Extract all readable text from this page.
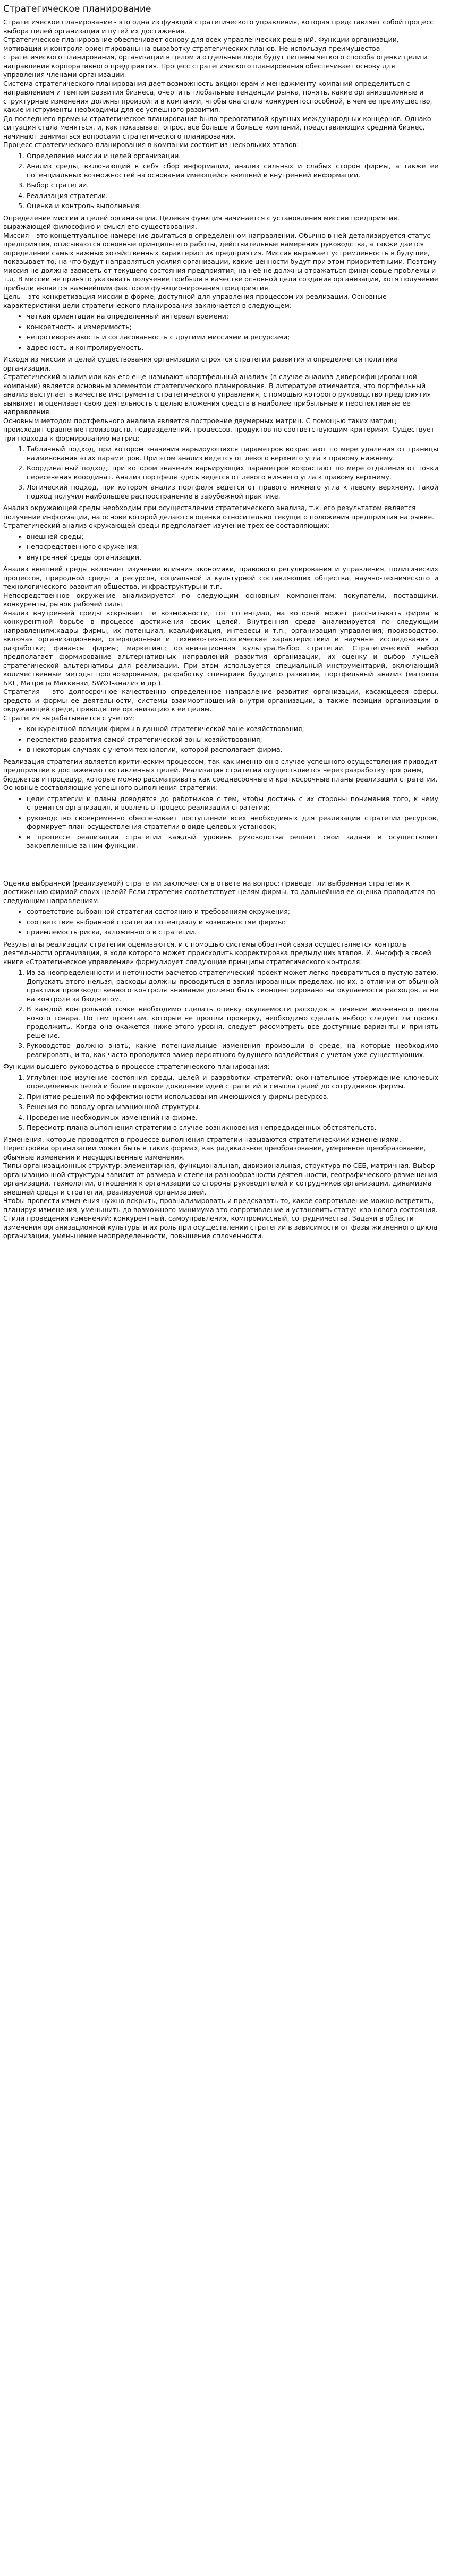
Стратегическое планирование

Стратегическое планирование - это одна из функций стратегического управления, которая представляет собой процесс выбора целей организации и путей их достижения.
Стратегическое планирование обеспечивает основу для всех управленческих решений. Функции организации, мотивации и контроля ориентированы на выработку стратегических планов. Не используя преимущества стратегического планирования, организации в целом и отдельные люди будут лишены четкого способа оценки цели и направления корпоративного предприятия. Процесс стратегического планирования обеспечивает основу для управления членами организации.
Система стратегического планирования дает возможность акционерам и менеджменту компаний определиться с направлением и темпом развития бизнеса, очертить глобальные тенденции рынка, понять, какие организационные и структурные изменения должны произойти в компании, чтобы она стала конкурентоспособной, в чем ее преимущество, какие инструменты необходимы для ее успешного развития.
До последнего времени стратегическое планирование было прерогативой крупных международных концернов. Однако ситуация стала меняться, и, как показывает опрос, все больше и больше компаний, представляющих средний бизнес, начинают заниматься вопросами стратегического планирования.
Процесс стратегического планирования в компании состоит из нескольких этапов:

1. Определение миссии и целей организации.
2. Анализ среды, включающий в себя сбор информации, анализ сильных и слабых сторон фирмы, а также ее потенциальных возможностей на основании имеющейся внешней и внутренней информации.
3. Выбор стратегии.
4. Реализация стратегии.
5. Оценка и контроль выполнения.

Определение миссии и целей организации. Целевая функция начинается с установления миссии предприятия, выражающей философию и смысл его существования.
Миссия – это концептуальное намерение двигаться в определенном направлении. Обычно в ней детализируется статус предприятия, описываются основные принципы его работы, действительные намерения руководства, а также дается определение самых важных хозяйственных характеристик предприятия. Миссия выражает устремленность в будущее, показывает то, на что будут направляться усилия организации, какие ценности будут при этом приоритетными. Поэтому миссия не должна зависеть от текущего состояния предприятия, на неё не должны отражаться финансовые проблемы и т.д. В миссии не принято указывать получение прибыли в качестве основной цели создания организации, хотя получение прибыли является важнейшим фактором функционирования предприятия.
Цель – это конкретизация миссии в форме, доступной для управления процессом их реализации. Основные характеристики цели стратегического планирования заключается в следующем:

• четкая ориентация на определенный интервал времени;
• конкретность и измеримость;
• непротиворечивость и согласованность с другими миссиями и ресурсами;
• адресность и контролируемость.

Исходя из миссии и целей существования организации строятся стратегии развития и определяется политика организации.
Стратегический анализ или как его еще называют «портфельный анализ» (в случае анализа диверсифицированной компании) является основным элементом стратегического планирования. В литературе отмечается, что портфельный анализ выступает в качестве инструмента стратегического управления, с помощью которого руководство предприятия выявляет и оценивает свою деятельность с целью вложения средств в наиболее прибыльные и перспективные ее направления.
Основным методом портфельного анализа является построение двумерных матриц. С помощью таких матриц происходит сравнение производств, подразделений, процессов, продуктов по соответствующим критериям. Существует три подхода к формированию матриц:

1. Табличный подход, при котором значения варьирующихся параметров возрастают по мере удаления от границы наименования этих параметров. При этом анализ ведется от левого верхнего угла к правому нижнему.
2. Координатный подход, при котором значения варьирующих параметров возрастают по мере отдаления от точки пересечения координат. Анализ портфеля здесь ведется от левого нижнего угла к правому верхнему.
3. Логический подход, при котором анализ портфеля ведется от правого нижнего угла к левому верхнему. Такой подход получил наибольшее распространение в зарубежной практике.

Анализ окружающей среды необходим при осуществлении стратегического анализа, т.к. его результатом является получение информации, на основе которой делаются оценки относительно текущего положения предприятия на рынке.
Стратегический анализ окружающей среды предполагает изучение трех ее составляющих:

• внешней среды;
• непосредственного окружения;
• внутренней среды организации.

Анализ внешней среды включает изучение влияния экономики, правового регулирования и управления, политических процессов, природной среды и ресурсов, социальной и культурной составляющих общества, научно-технического и технологического развития общества, инфраструктуры и т.п.
Непосредственное окружение анализируется по следующим основным компонентам: покупатели, поставщики, конкуренты, рынок рабочей силы.
Анализ внутренней среды вскрывает те возможности, тот потенциал, на который может рассчитывать фирма в конкурентной борьбе в процессе достижения своих целей. Внутренняя среда анализируется по следующим направлениям:кадры фирмы, их потенциал, квалификация, интересы и т.п.; организация управления; производство, включая организационные, операционные и технико-технологические характеристики и научные исследования и разработки; финансы фирмы; маркетинг; организационная культура.Выбор стратегии. Стратегический выбор предполагает формирование альтернативных направлений развития организации, их оценку и выбор лучшей стратегической альтернативы для реализации. При этом используется специальный инструментарий, включающий количественные методы прогнозирования, разработку сценариев будущего развития, портфельный анализ (матрица БКГ, Матрица Маккинзи, SWOT-анализ и др.).
Стратегия – это долгосрочное качественно определенное направление развития организации, касающееся сферы, средств и формы ее деятельности, системы взаимоотношений внутри организации, а также позиции организации в окружающей среде, приводящее организацию к ее целям.
Стратегия вырабатывается с учетом:

• конкурентной позиции фирмы в данной стратегической зоне хозяйствования;
• перспектив развития самой стратегической зоны хозяйствования;
• в некоторых случаях с учетом технологии, которой располагает фирма.

Реализация стратегии является критическим процессом, так как именно он в случае успешного осуществления приводит предприятие к достижению поставленных целей. Реализация стратегии осуществляется через разработку программ, бюджетов и процедур, которые можно рассматривать как среднесрочные и краткосрочные планы реализации стратегии. Основные составляющие успешного выполнения стратегии:

• цели стратегии и планы доводятся до работников с тем, чтобы достичь с их стороны понимания того, к чему стремится организация, и вовлечь в процесс реализации стратегии;
• руководство своевременно обеспечивает поступление всех необходимых для реализации стратегии ресурсов, формирует план осуществления стратегии в виде целевых установок;
• в процессе реализации стратегии каждый уровень руководства решает свои задачи и осуществляет закрепленные за ним функции.

Оценка выбранной (реализуемой) стратегии заключается в ответе на вопрос: приведет ли выбранная стратегия к достижению фирмой своих целей? Если стратегия соответствует целям фирмы, то дальнейшая ее оценка проводится по следующим направлениям:

• соответствие выбранной стратегии состоянию и требованиям окружения;
• соответствие выбранной стратегии потенциалу и возможностям фирмы;
• приемлемость риска, заложенного в стратегии.

Результаты реализации стратегии оцениваются, и с помощью системы обратной связи осуществляется контроль деятельности организации, в ходе которого может происходить корректировка предыдущих этапов. И. Ансофф в своей книге «Стратегическое управление» формулирует следующие принципы стратегического контроля:

1. Из-за неопределенности и неточности расчетов стратегический проект может легко превратиться в пустую затею. Допускать этого нельзя, расходы должны проводиться в запланированных пределах, но их, в отличии от обычной практики производственного контроля внимание должно быть сконцентрировано на окупаемости расходов, а не на контроле за бюджетом.
2. В каждой контрольной точке необходимо сделать оценку окупаемости расходов в течение жизненного цикла нового товара. По тем проектам, которые не прошли проверку, необходимо сделать выбор: следует ли проект продолжить. Когда она окажется ниже этого уровня, следует рассмотреть все доступные варианты и принять решение.
3. Руководство должно знать, какие потенциальные изменения произошли в среде, на которые необходимо реагировать, и то, как часто проводится замер вероятного будущего воздействия с учетом уже существующих.

Функции высшего руководства в процессе стратегического планирования:

1. Углубленное изучение состояния среды, целей и разработки стратегий: окончательное утверждение ключевых определенных целей и более широкое доведение идей стратегий и смысла целей до сотрудников фирмы.
2. Принятие решений по эффективности использования имеющихся у фирмы ресурсов.
3. Решения по поводу организационной структуры.
4. Проведение необходимых изменений на фирме.
5. Пересмотр плана выполнения стратегии в случае возникновения непредвиденных обстоятельств.

Изменения, которые проводятся в процессе выполнения стратегии называются стратегическими изменениями. Перестройка организации может быть в таких формах, как радикальное преобразование, умеренное преобразование, обычные изменения и несущественные изменения.
Типы организационных структур: элементарная, функциональная, дивизиональная, структура по СЕБ, матричная. Выбор организационной структуры зависит от размера и степени разнообразности деятельности, географического размещения организации, технологии, отношения к организации со стороны руководителей и сотрудников организации, динамизма внешней среды и стратегии, реализуемой организацией.
Чтобы провести изменения нужно вскрыть, проанализировать и предсказать то, какое сопротивление можно встретить, планируя изменения, уменьшить до возможного минимума это сопротивление и установить статус-кво нового состояния. Стили проведения изменений: конкурентный, самоуправления, компромиссный, сотрудничества. Задачи в области изменения организационной культуры и их роль при осуществлении стратегии в зависимости от фазы жизненного цикла организации, уменьшение неопределенности, повышение сплоченности.
